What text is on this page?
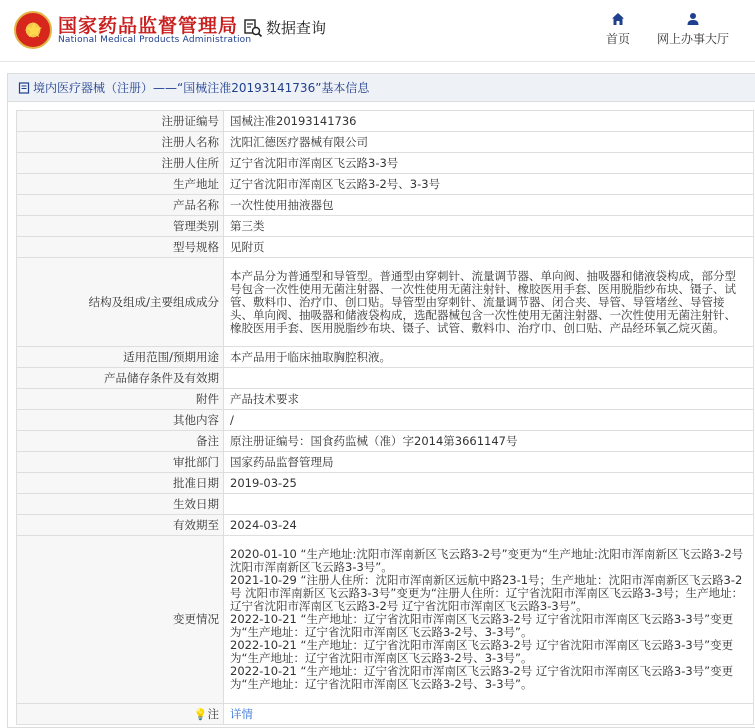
国家药品监督管理局
National Medical Products Administration
数据查询
首页 网上办事大厅
境内医疗器械（注册）——“国械注准20193141736”基本信息
注册证编号	国械注准20193141736
注册人名称	沈阳汇德医疗器械有限公司
注册人住所	辽宁省沈阳市浑南区飞云路3-3号
生产地址	辽宁省沈阳市浑南区飞云路3-2号、3-3号
产品名称	一次性使用抽液器包
管理类别	第三类
型号规格	见附页
结构及组成/主要组成成分	本产品分为普通型和导管型。普通型由穿刺针、流量调节器、单向阀、抽吸器和储液袋构成，部分型号包含一次性使用无菌注射器、一次性使用无菌注射针、橡胶医用手套、医用脱脂纱布块、镊子、试管、敷料巾、治疗巾、创口贴。导管型由穿刺针、流量调节器、闭合夹、导管、导管堵丝、导管接头、单向阀、抽吸器和储液袋构成，选配器械包含一次性使用无菌注射器、一次性使用无菌注射针、橡胶医用手套、医用脱脂纱布块、镊子、试管、敷料巾、治疗巾、创口贴、产品经环氧乙烷灭菌。
适用范围/预期用途	本产品用于临床抽取胸腔积液。
产品储存条件及有效期	
附件	产品技术要求
其他内容	/
备注	原注册证编号：国食药监械（准）字2014第3661147号
审批部门	国家药品监督管理局
批准日期	2019-03-25
生效日期	
有效期至	2024-03-24
变更情况	2020-01-10 “生产地址:沈阳市浑南新区飞云路3-2号”变更为“生产地址:沈阳市浑南新区飞云路3-2号 沈阳市浑南新区飞云路3-3号”。
2021-10-29 “注册人住所：沈阳市浑南新区远航中路23-1号；生产地址：沈阳市浑南新区飞云路3-2号 沈阳市浑南新区飞云路3-3号”变更为“注册人住所：辽宁省沈阳市浑南区飞云路3-3号；生产地址：辽宁省沈阳市浑南区飞云路3-2号 辽宁省沈阳市浑南区飞云路3-3号”。
2022-10-21 “生产地址：辽宁省沈阳市浑南区飞云路3-2号 辽宁省沈阳市浑南区飞云路3-3号”变更为“生产地址：辽宁省沈阳市浑南区飞云路3-2号、3-3号”。
2022-10-21 “生产地址：辽宁省沈阳市浑南区飞云路3-2号 辽宁省沈阳市浑南区飞云路3-3号”变更为“生产地址：辽宁省沈阳市浑南区飞云路3-2号、3-3号”。
2022-10-21 “生产地址：辽宁省沈阳市浑南区飞云路3-2号 辽宁省沈阳市浑南区飞云路3-3号”变更为“生产地址：辽宁省沈阳市浑南区飞云路3-2号、3-3号”。
💡注	详情
